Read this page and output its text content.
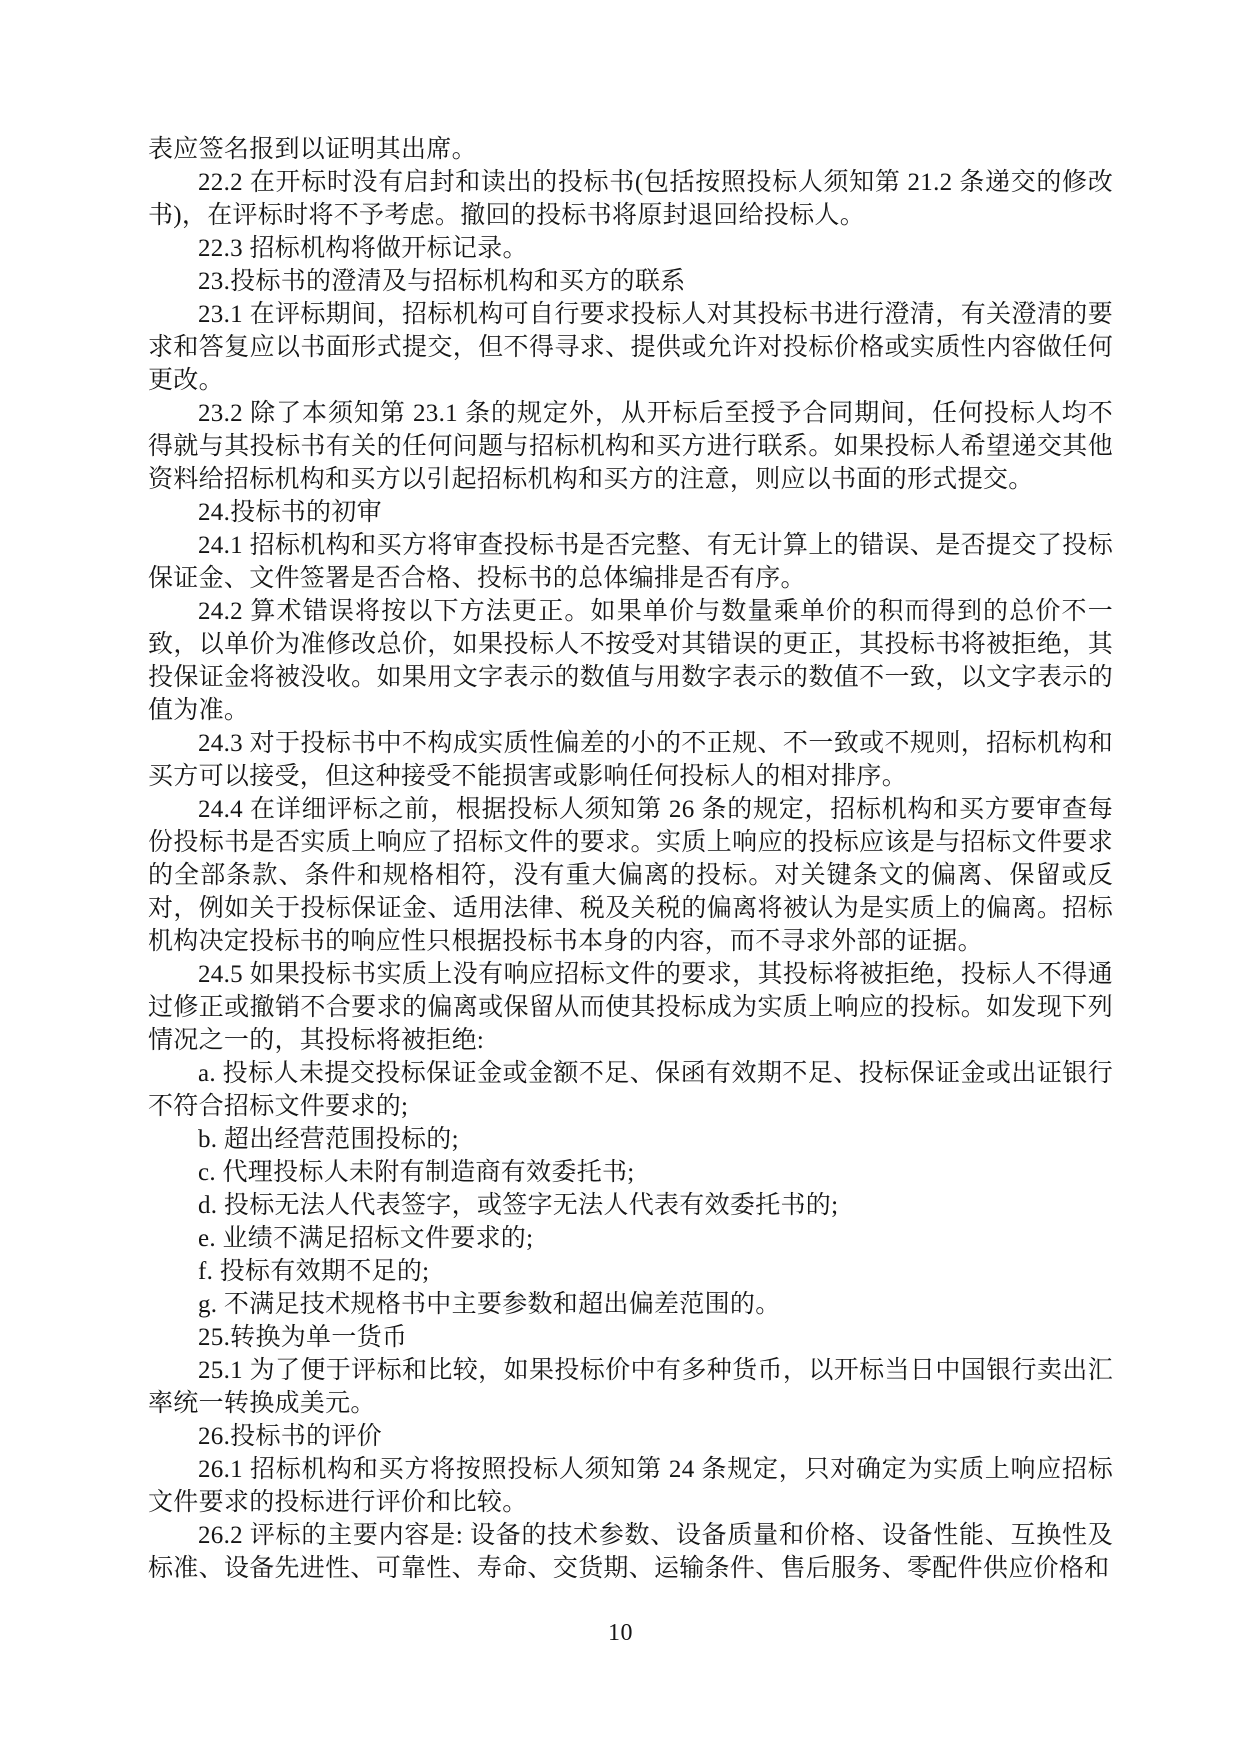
表应签名报到以证明其出席。

22.2 在开标时没有启封和读出的投标书(包括按照投标人须知第 21.2 条递交的修改书)，在评标时将不予考虑。撤回的投标书将原封退回给投标人。

22.3 招标机构将做开标记录。

23.投标书的澄清及与招标机构和买方的联系

23.1 在评标期间，招标机构可自行要求投标人对其投标书进行澄清，有关澄清的要求和答复应以书面形式提交，但不得寻求、提供或允许对投标价格或实质性内容做任何更改。

23.2 除了本须知第 23.1 条的规定外，从开标后至授予合同期间，任何投标人均不得就与其投标书有关的任何问题与招标机构和买方进行联系。如果投标人希望递交其他资料给招标机构和买方以引起招标机构和买方的注意，则应以书面的形式提交。

24.投标书的初审

24.1 招标机构和买方将审查投标书是否完整、有无计算上的错误、是否提交了投标保证金、文件签署是否合格、投标书的总体编排是否有序。

24.2 算术错误将按以下方法更正。如果单价与数量乘单价的积而得到的总价不一致，以单价为准修改总价，如果投标人不按受对其错误的更正，其投标书将被拒绝，其投保证金将被没收。如果用文字表示的数值与用数字表示的数值不一致，以文字表示的值为准。

24.3 对于投标书中不构成实质性偏差的小的不正规、不一致或不规则，招标机构和买方可以接受，但这种接受不能损害或影响任何投标人的相对排序。

24.4 在详细评标之前，根据投标人须知第 26 条的规定，招标机构和买方要审查每份投标书是否实质上响应了招标文件的要求。实质上响应的投标应该是与招标文件要求的全部条款、条件和规格相符，没有重大偏离的投标。对关键条文的偏离、保留或反对，例如关于投标保证金、适用法律、税及关税的偏离将被认为是实质上的偏离。招标机构决定投标书的响应性只根据投标书本身的内容，而不寻求外部的证据。

24.5 如果投标书实质上没有响应招标文件的要求，其投标将被拒绝，投标人不得通过修正或撤销不合要求的偏离或保留从而使其投标成为实质上响应的投标。如发现下列情况之一的，其投标将被拒绝:

a. 投标人未提交投标保证金或金额不足、保函有效期不足、投标保证金或出证银行不符合招标文件要求的;

b. 超出经营范围投标的;

c. 代理投标人未附有制造商有效委托书;

d. 投标无法人代表签字，或签字无法人代表有效委托书的;

e. 业绩不满足招标文件要求的;

f. 投标有效期不足的;

g. 不满足技术规格书中主要参数和超出偏差范围的。

25.转换为单一货币

25.1 为了便于评标和比较，如果投标价中有多种货币，以开标当日中国银行卖出汇率统一转换成美元。

26.投标书的评价

26.1 招标机构和买方将按照投标人须知第 24 条规定，只对确定为实质上响应招标文件要求的投标进行评价和比较。

26.2 评标的主要内容是: 设备的技术参数、设备质量和价格、设备性能、互换性及标准、设备先进性、可靠性、寿命、交货期、运输条件、售后服务、零配件供应价格和

10
